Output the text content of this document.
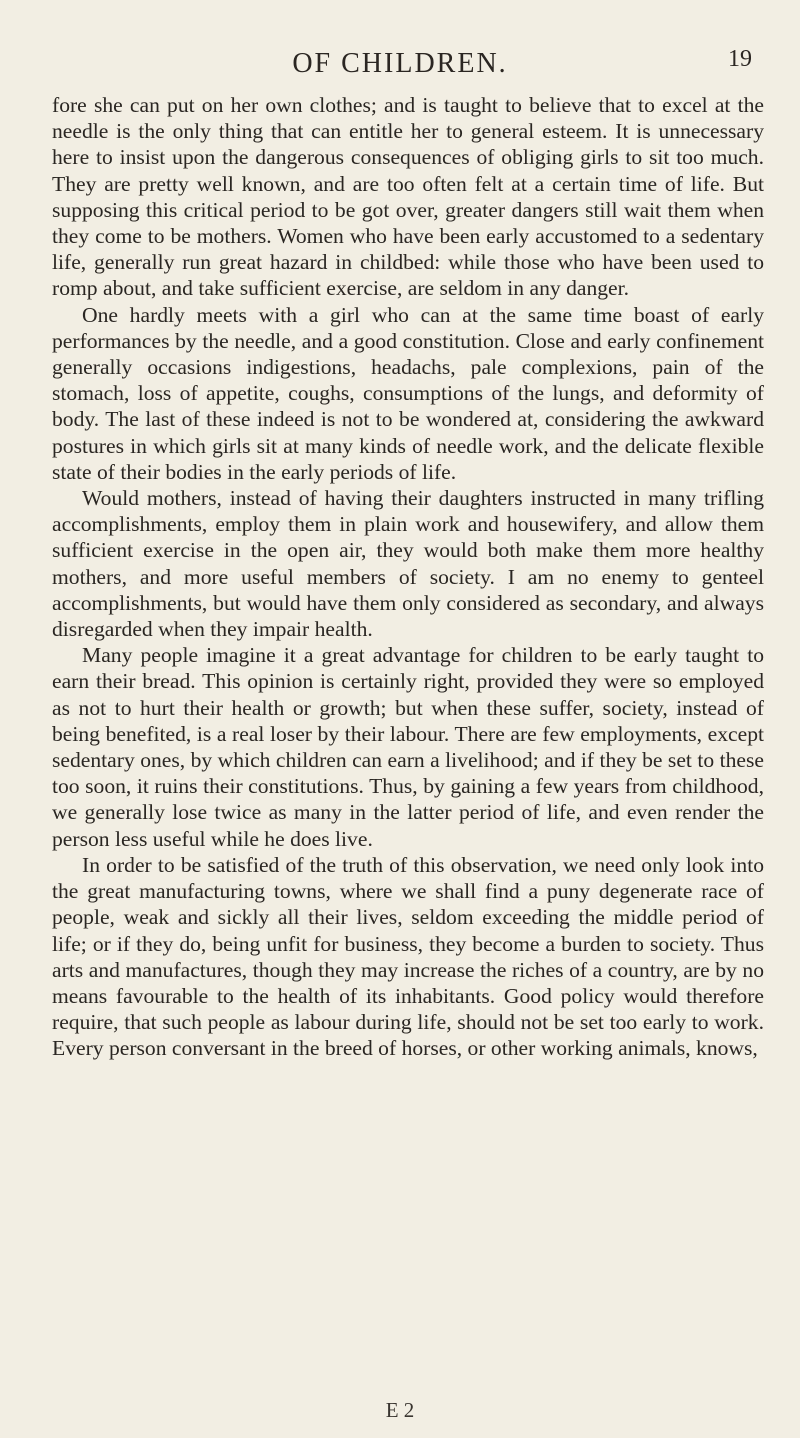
OF CHILDREN.	19

fore she can put on her own clothes; and is taught to believe that to excel at the needle is the only thing that can entitle her to general esteem. It is unnecessary here to insist upon the dangerous consequences of obliging girls to sit too much. They are pretty well known, and are too often felt at a certain time of life. But supposing this critical period to be got over, greater dangers still wait them when they come to be mothers. Women who have been early accustomed to a sedentary life, generally run great hazard in childbed: while those who have been used to romp about, and take sufficient exercise, are seldom in any danger.

One hardly meets with a girl who can at the same time boast of early performances by the needle, and a good constitution. Close and early confinement generally occasions indigestions, headachs, pale complexions, pain of the stomach, loss of appetite, coughs, consumptions of the lungs, and deformity of body. The last of these indeed is not to be wondered at, considering the awkward postures in which girls sit at many kinds of needle work, and the delicate flexible state of their bodies in the early periods of life.

Would mothers, instead of having their daughters instructed in many trifling accomplishments, employ them in plain work and housewifery, and allow them sufficient exercise in the open air, they would both make them more healthy mothers, and more useful members of society. I am no enemy to genteel accomplishments, but would have them only considered as secondary, and always disregarded when they impair health.

Many people imagine it a great advantage for children to be early taught to earn their bread. This opinion is certainly right, provided they were so employed as not to hurt their health or growth; but when these suffer, society, instead of being benefited, is a real loser by their labour. There are few employments, except sedentary ones, by which children can earn a livelihood; and if they be set to these too soon, it ruins their constitutions. Thus, by gaining a few years from childhood, we generally lose twice as many in the latter period of life, and even render the person less useful while he does live.

In order to be satisfied of the truth of this observation, we need only look into the great manufacturing towns, where we shall find a puny degenerate race of people, weak and sickly all their lives, seldom exceeding the middle period of life; or if they do, being unfit for business, they become a burden to society. Thus arts and manufactures, though they may increase the riches of a country, are by no means favourable to the health of its inhabitants. Good policy would therefore require, that such people as labour during life, should not be set too early to work. Every person conversant in the breed of horses, or other working animals, knows,

E 2
